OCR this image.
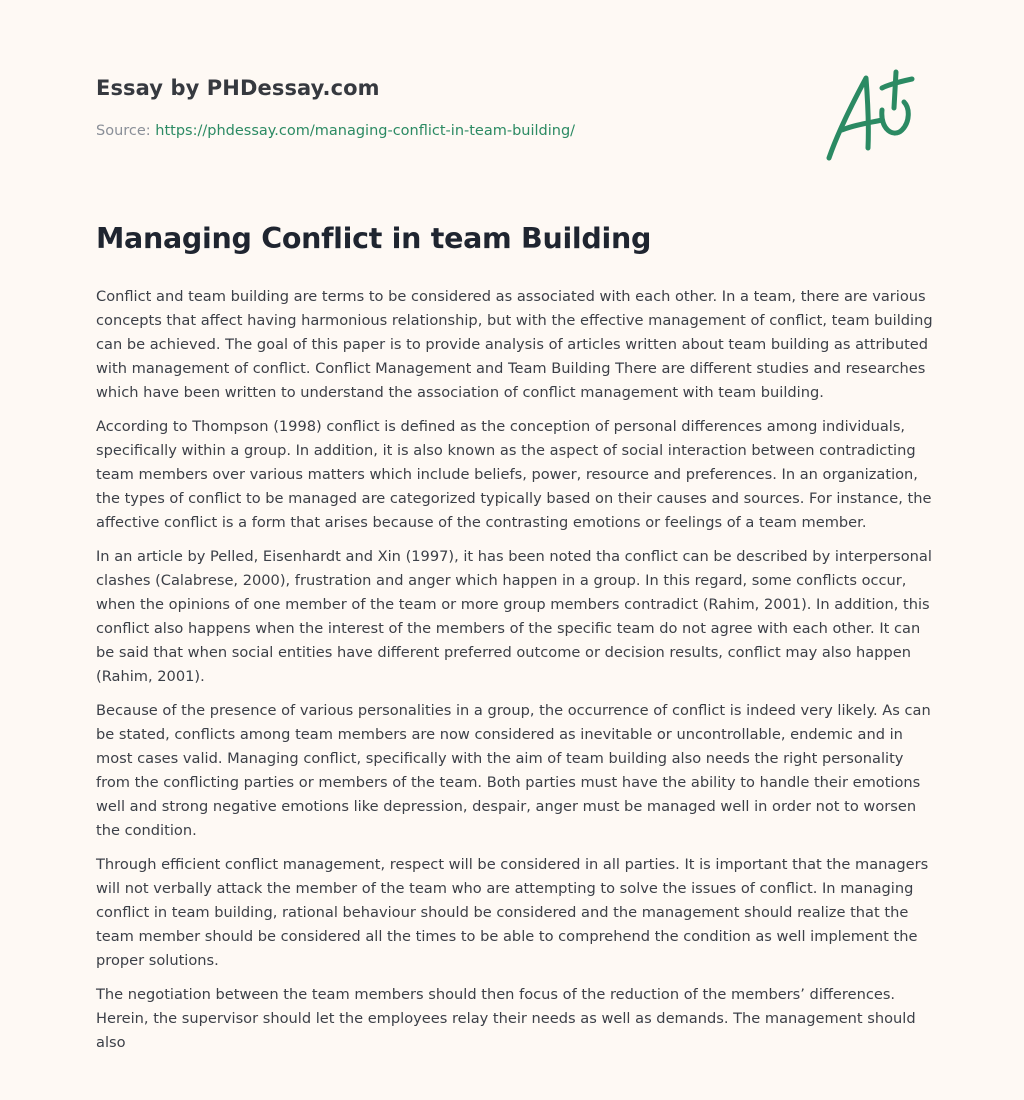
Essay by PHDessay.com
Source: https://phdessay.com/managing-conflict-in-team-building/
A+
Managing Conflict in team Building

Conflict and team building are terms to be considered as associated with each other. In a team, there are various concepts that affect having harmonious relationship, but with the effective management of conflict, team building can be achieved. The goal of this paper is to provide analysis of articles written about team building as attributed with management of conflict. Conflict Management and Team Building There are different studies and researches which have been written to understand the association of conflict management with team building.

According to Thompson (1998) conflict is defined as the conception of personal differences among individuals, specifically within a group. In addition, it is also known as the aspect of social interaction between contradicting team members over various matters which include beliefs, power, resource and preferences. In an organization, the types of conflict to be managed are categorized typically based on their causes and sources. For instance, the affective conflict is a form that arises because of the contrasting emotions or feelings of a team member.

In an article by Pelled, Eisenhardt and Xin (1997), it has been noted tha conflict can be described by interpersonal clashes (Calabrese, 2000), frustration and anger which happen in a group. In this regard, some conflicts occur, when the opinions of one member of the team or more group members contradict (Rahim, 2001). In addition, this conflict also happens when the interest of the members of the specific team do not agree with each other. It can be said that when social entities have different preferred outcome or decision results, conflict may also happen (Rahim, 2001).

Because of the presence of various personalities in a group, the occurrence of conflict is indeed very likely. As can be stated, conflicts among team members are now considered as inevitable or uncontrollable, endemic and in most cases valid. Managing conflict, specifically with the aim of team building also needs the right personality from the conflicting parties or members of the team. Both parties must have the ability to handle their emotions well and strong negative emotions like depression, despair, anger must be managed well in order not to worsen the condition.

Through efficient conflict management, respect will be considered in all parties. It is important that the managers will not verbally attack the member of the team who are attempting to solve the issues of conflict. In managing conflict in team building, rational behaviour should be considered and the management should realize that the team member should be considered all the times to be able to comprehend the condition as well implement the proper solutions.

The negotiation between the team members should then focus of the reduction of the members’ differences. Herein, the supervisor should let the employees relay their needs as well as demands. The management should also
